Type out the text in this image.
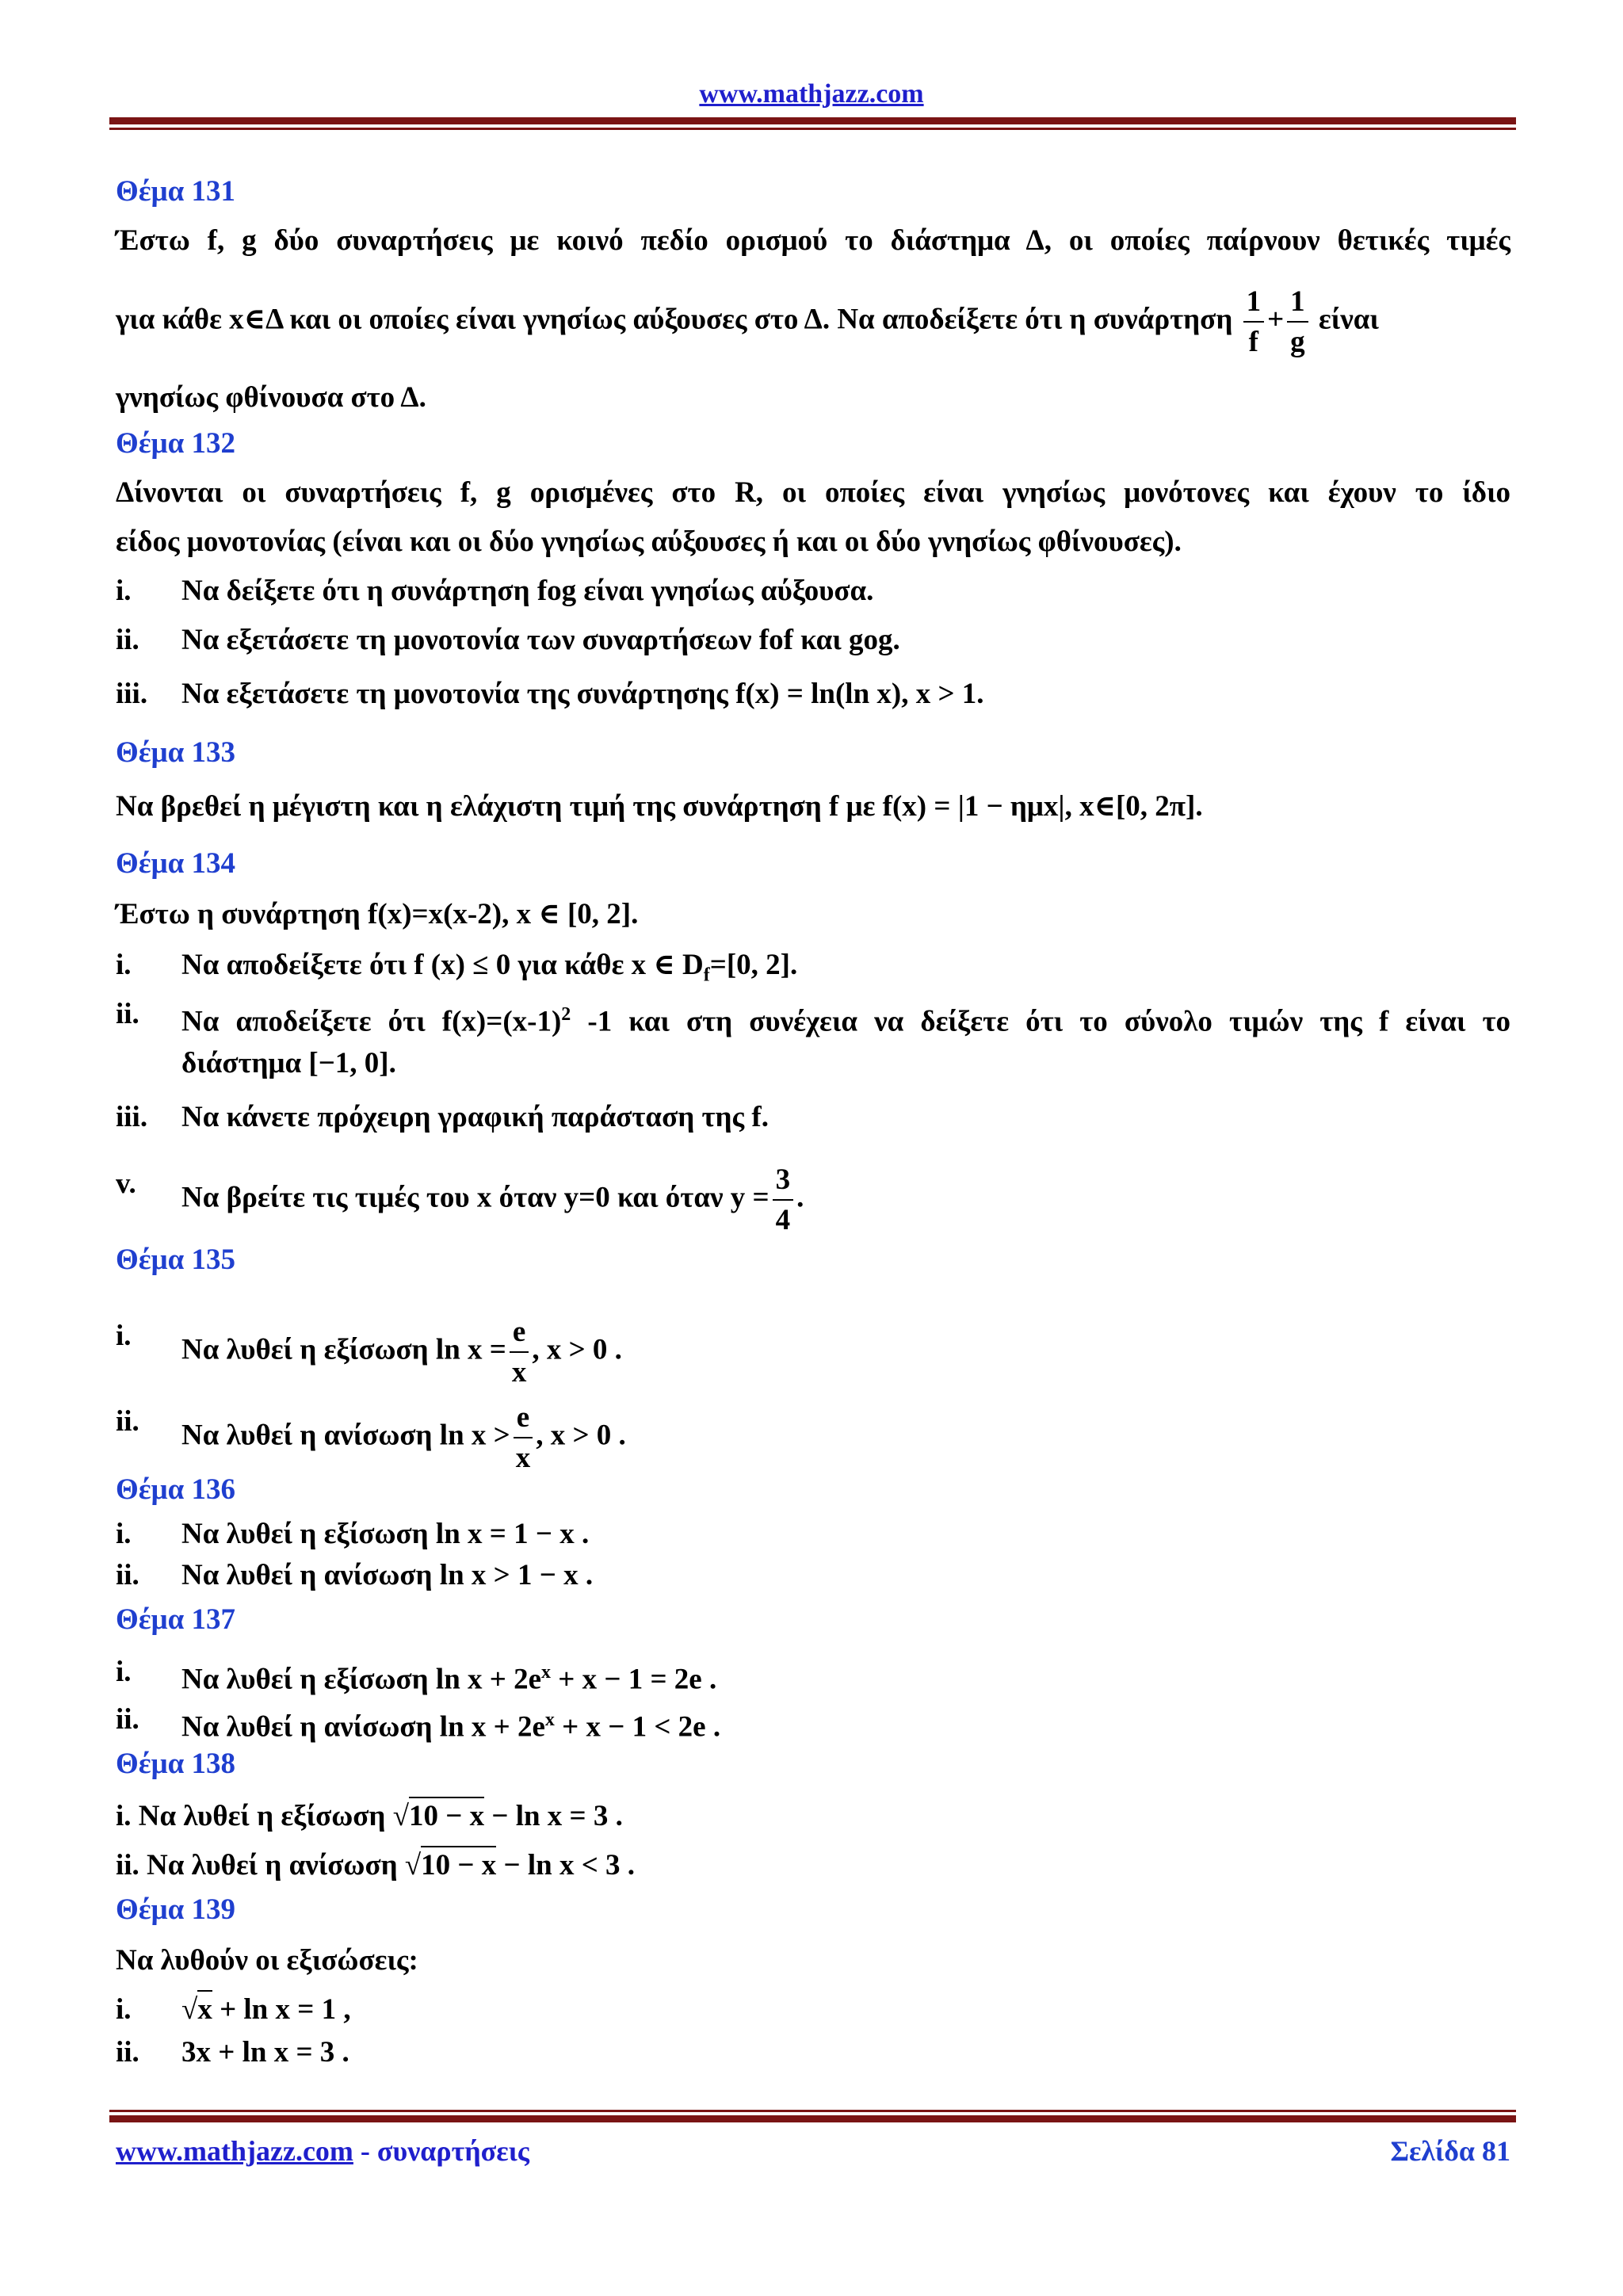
www.mathjazz.com
Θέμα 131
Έστω f, g δύο συναρτήσεις με κοινό πεδίο ορισμού το διάστημα Δ, οι οποίες παίρνουν θετικές τιμές
για κάθε x∈Δ και οι οποίες είναι γνησίως αύξουσες στο Δ. Να αποδείξετε ότι η συνάρτηση $\frac{1}{f} + \frac{1}{g}$ είναι
γνησίως φθίνουσα στο Δ.
Θέμα 132
Δίνονται οι συναρτήσεις f, g ορισμένες στο R, οι οποίες είναι γνησίως μονότονες και έχουν το ίδιο
είδος μονοτονίας (είναι και οι δύο γνησίως αύξουσες ή και οι δύο γνησίως φθίνουσες).
i. Να δείξετε ότι η συνάρτηση fog είναι γνησίως αύξουσα.
ii. Να εξετάσετε τη μονοτονία των συναρτήσεων fof και gog.
iii. Να εξετάσετε τη μονοτονία της συνάρτησης f(x) = ln(ln x), x > 1.
Θέμα 133
Να βρεθεί η μέγιστη και η ελάχιστη τιμή της συνάρτηση f με f(x) = |1 − ημx|, x∈[0, 2π].
Θέμα 134
Έστω η συνάρτηση f(x)=x(x-2), x ∈ [0, 2].
i. Να αποδείξετε ότι f (x) ≤ 0 για κάθε x ∈ $D_f=[0$, 2].
ii. Να αποδείξετε ότι $f(x)=(x-1)^2$ -1 και στη συνέχεια να δείξετε ότι το σύνολο τιμών της f είναι το
διάστημα [−1, 0].
iii. Να κάνετε πρόχειρη γραφική παράσταση της f.
v. Να βρείτε τις τιμές του x όταν y=0 και όταν $y = \frac{3}{4}$ .
Θέμα 135
i. Να λυθεί η εξίσωση $\ln x = \frac{e}{x}$ , x > 0 .
ii. Να λυθεί η ανίσωση $\ln x > \frac{e}{x}$ , x > 0 .
Θέμα 136
i. Να λυθεί η εξίσωση ln x = 1 − x .
ii. Να λυθεί η ανίσωση ln x > 1 − x .
Θέμα 137
i. Να λυθεί η εξίσωση $\ln x + 2e^x + x - 1 = 2e$ .
ii. Να λυθεί η ανίσωση $\ln x + 2e^x + x - 1 < 2e$ .
Θέμα 138
i. Να λυθεί η εξίσωση √10 − x − ln x = 3 .
ii. Να λυθεί η ανίσωση √10 − x − ln x < 3 .
Θέμα 139
Να λυθούν οι εξισώσεις:
i. √x + ln x = 1 ,
ii. 3x + ln x = 3 .
www.mathjazz.com - συναρτήσεις	Σελίδα 81
